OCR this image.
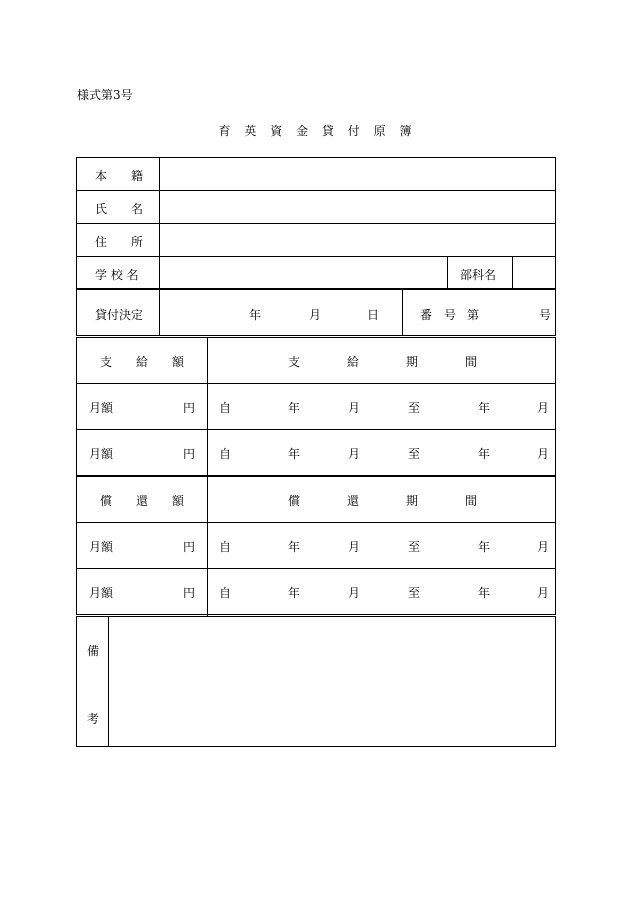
様式第3号
育 英 資 金 貸 付 原 簿
本　　籍
氏　　名
住　　所
学 校 名	部科名
貸付決定	年	月	日	番 号 第	号
支 給 額	支	給	期	間
月額	円 自	年	月	至	年	月
月額	円 自	年	月	至	年	月
償 還 額	償	還	期	間
月額	円 自	年	月	至	年	月
月額	円 自	年	月	至	年	月
備
考
